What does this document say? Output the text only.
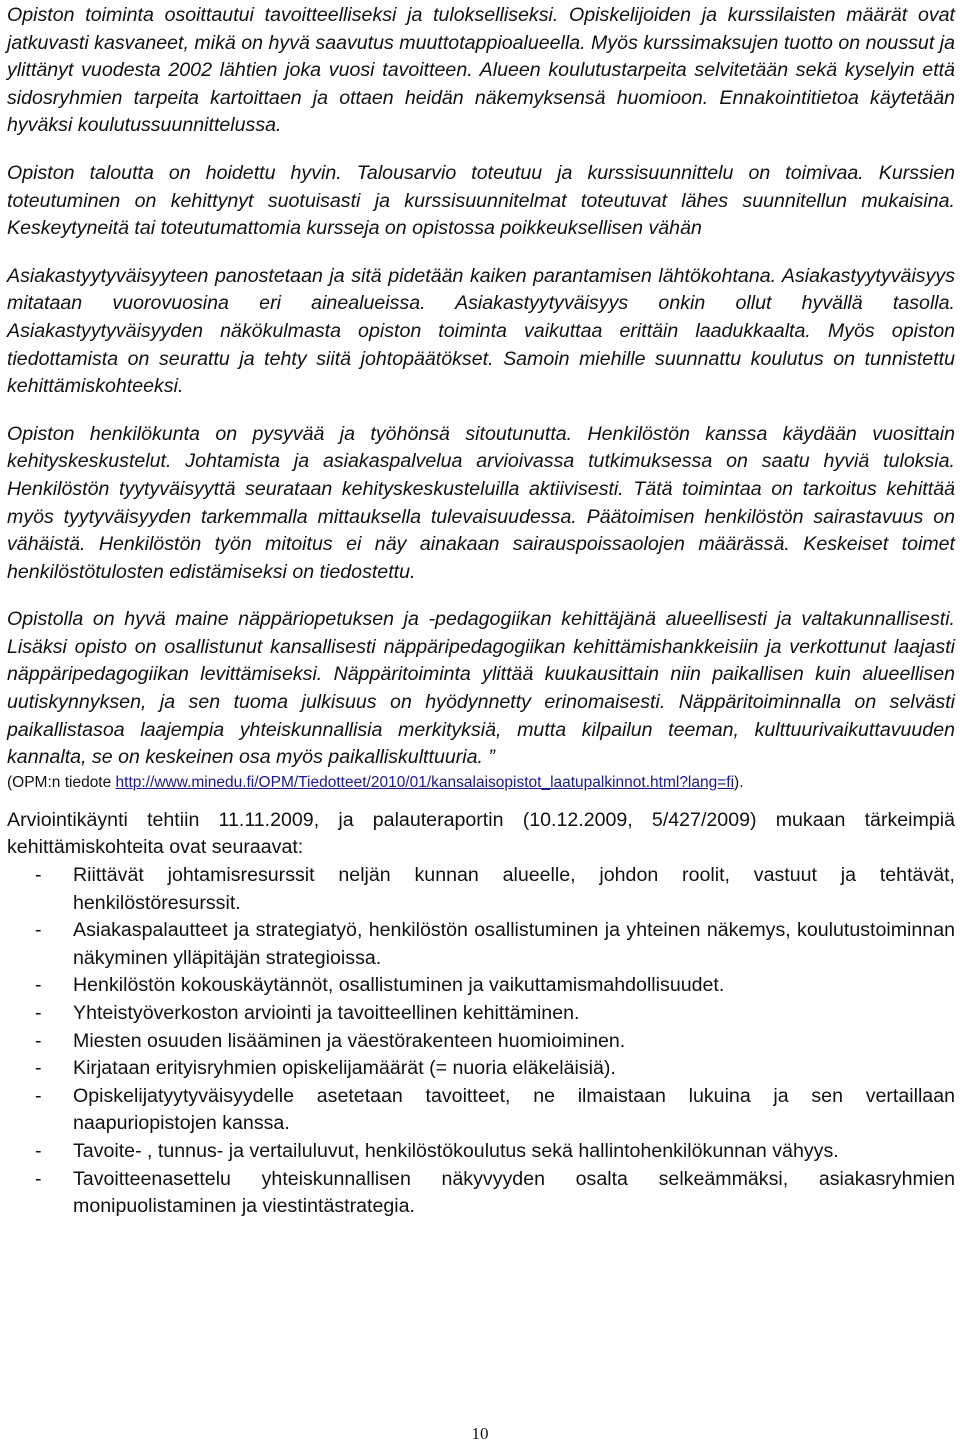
Opiston toiminta osoittautui tavoitteelliseksi ja tulokselliseksi. Opiskelijoiden ja kurssilaisten määrät ovat jatkuvasti kasvaneet, mikä on hyvä saavutus muuttotappioalueella. Myös kurssimaksujen tuotto on noussut ja ylittänyt vuodesta 2002 lähtien joka vuosi tavoitteen. Alueen koulutustarpeita selvitetään sekä kyselyin että sidosryhmien tarpeita kartoittaen ja ottaen heidän näkemyksensä huomioon. Ennakointitietoa käytetään hyväksi koulutussuunnittelussa.

Opiston taloutta on hoidettu hyvin. Talousarvio toteutuu ja kurssisuunnittelu on toimivaa. Kurssien toteutuminen on kehittynyt suotuisasti ja kurssisuunnitelmat toteutuvat lähes suunnitellun mukaisina. Keskeytyneitä tai toteutumattomia kursseja on opistossa poikkeuksellisen vähän

Asiakastyytyväisyyteen panostetaan ja sitä pidetään kaiken parantamisen lähtökohtana. Asiakastyytyväisyys mitataan vuorovuosina eri ainealueissa. Asiakastyytyväisyys onkin ollut hyvällä tasolla. Asiakastyytyväisyyden näkökulmasta opiston toiminta vaikuttaa erittäin laadukkaalta. Myös opiston tiedottamista on seurattu ja tehty siitä johtopäätökset. Samoin miehille suunnattu koulutus on tunnistettu kehittämiskohteeksi.

Opiston henkilökunta on pysyvää ja työhönsä sitoutunutta. Henkilöstön kanssa käydään vuosittain kehityskeskustelut. Johtamista ja asiakaspalvelua arvioivassa tutkimuksessa on saatu hyviä tuloksia. Henkilöstön tyytyväisyyttä seurataan kehityskeskusteluilla aktiivisesti. Tätä toimintaa on tarkoitus kehittää myös tyytyväisyyden tarkemmalla mittauksella tulevaisuudessa. Päätoimisen henkilöstön sairastavuus on vähäistä. Henkilöstön työn mitoitus ei näy ainakaan sairauspoissaolojen määrässä. Keskeiset toimet henkilöstötulosten edistämiseksi on tiedostettu.

Opistolla on hyvä maine näppäriopetuksen ja -pedagogiikan kehittäjänä alueellisesti ja valtakunnallisesti. Lisäksi opisto on osallistunut kansallisesti näppäripedagogiikan kehittämishankkeisiin ja verkottunut laajasti näppäripedagogiikan levittämiseksi. Näppäritoiminta ylittää kuukausittain niin paikallisen kuin alueellisen uutiskynnyksen, ja sen tuoma julkisuus on hyödynnetty erinomaisesti. Näppäritoiminnalla on selvästi paikallistasoa laajempia yhteiskunnallisia merkityksiä, mutta kilpailun teeman, kulttuurivaikuttavuuden kannalta, se on keskeinen osa myös paikalliskulttuuria. ”

(OPM:n tiedote http://www.minedu.fi/OPM/Tiedotteet/2010/01/kansalaisopistot_laatupalkinnot.html?lang=fi).

Arviointikäynti tehtiin 11.11.2009, ja palauteraportin (10.12.2009, 5/427/2009) mukaan tärkeimpiä kehittämiskohteita ovat seuraavat:

- Riittävät johtamisresurssit neljän kunnan alueelle, johdon roolit, vastuut ja tehtävät, henkilöstöresurssit.
- Asiakaspalautteet ja strategiatyö, henkilöstön osallistuminen ja yhteinen näkemys, koulutustoiminnan näkyminen ylläpitäjän strategioissa.
- Henkilöstön kokouskäytännöt, osallistuminen ja vaikuttamismahdollisuudet.
- Yhteistyöverkoston arviointi ja tavoitteellinen kehittäminen.
- Miesten osuuden lisääminen ja väestörakenteen huomioiminen.
- Kirjataan erityisryhmien opiskelijamäärät (= nuoria eläkeläisiä).
- Opiskelijatyytyväisyydelle asetetaan tavoitteet, ne ilmaistaan lukuina ja sen vertaillaan naapuriopistojen kanssa.
- Tavoite- , tunnus- ja vertailuluvut, henkilöstökoulutus sekä hallintohenkilökunnan vähyys.
- Tavoitteenasettelu yhteiskunnallisen näkyvyyden osalta selkeämmäksi, asiakasryhmien monipuolistaminen ja viestintästrategia.
10
